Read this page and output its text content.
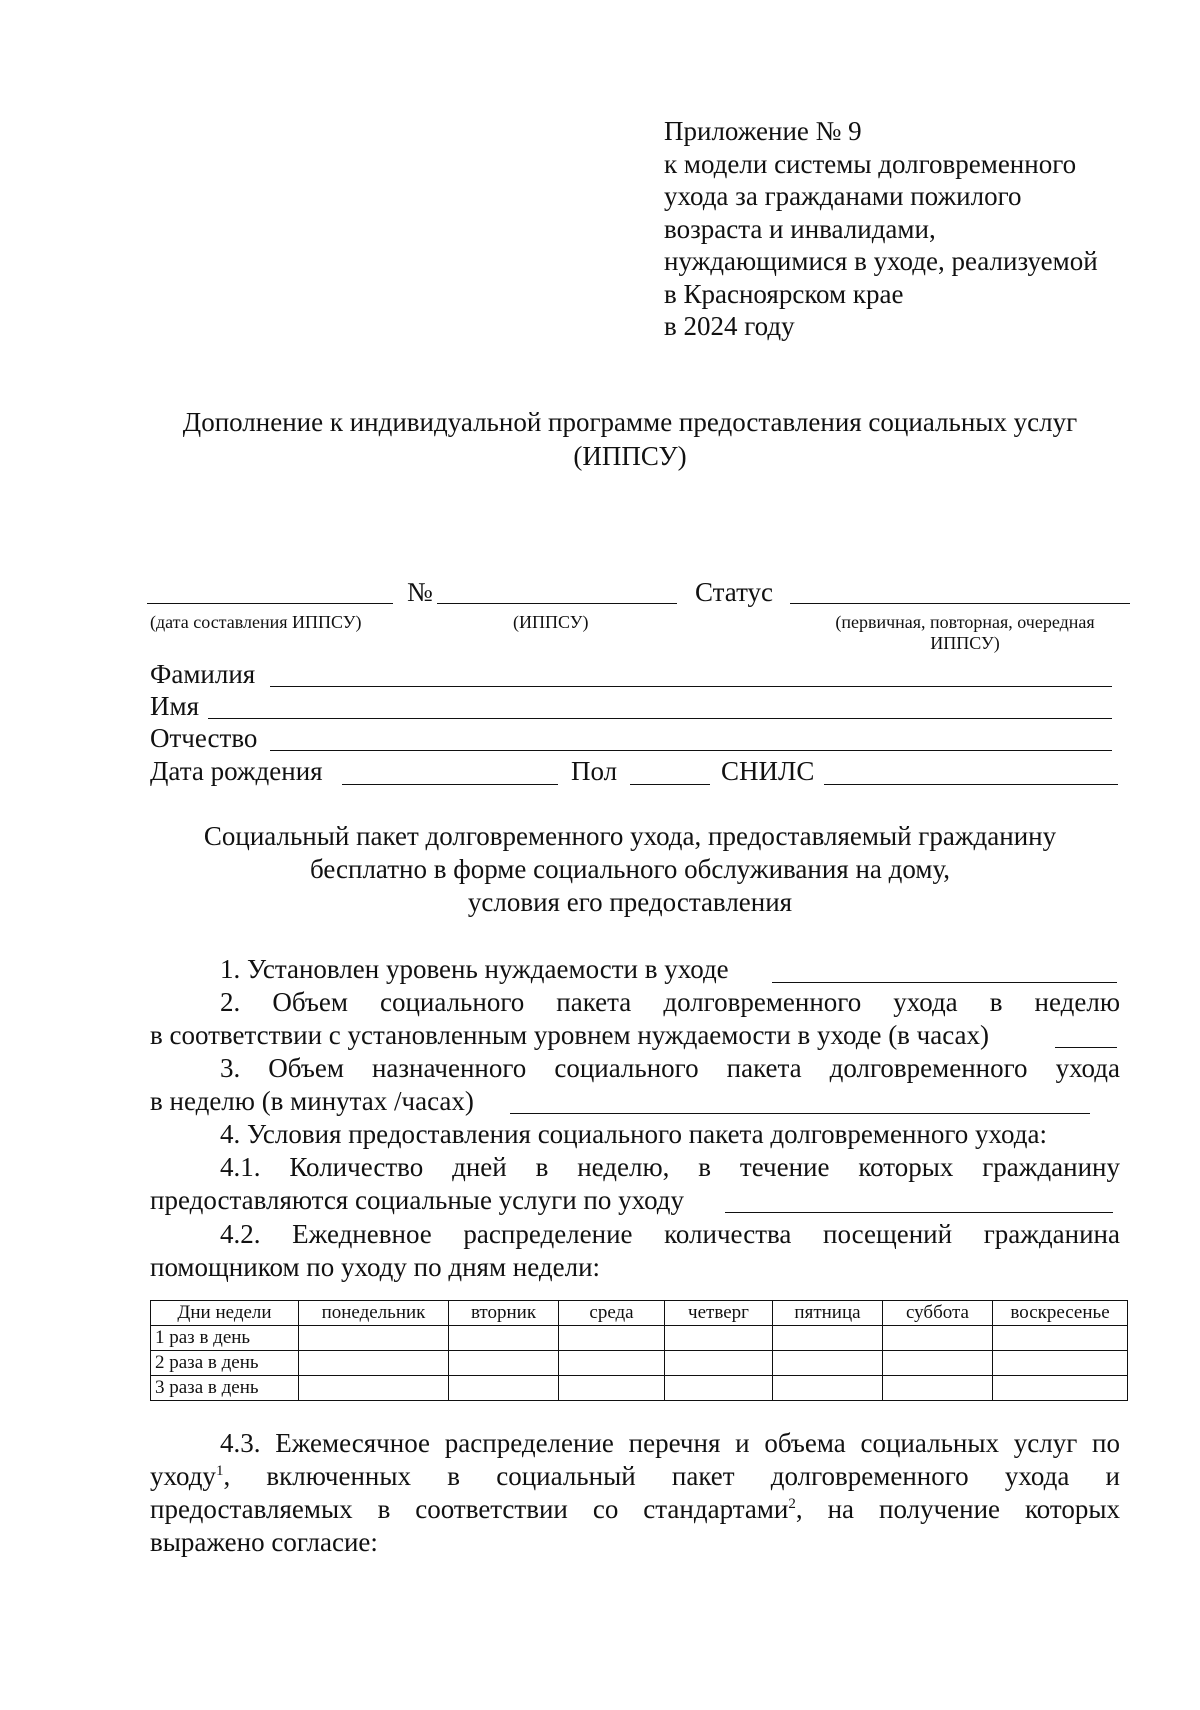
Приложение № 9
к модели системы долговременного
ухода за гражданами пожилого
возраста и инвалидами,
нуждающимися в уходе, реализуемой
в Красноярском крае
в 2024 году
Дополнение к индивидуальной программе предоставления социальных услуг
(ИППСУ)
№	Статус
(дата составления ИППСУ)	(ИППСУ)	(первичная, повторная, очередная
ИППСУ)
Фамилия
Имя
Отчество
Дата рождения	Пол	СНИЛС
Социальный пакет долговременного ухода, предоставляемый гражданину
бесплатно в форме социального обслуживания на дому,
условия его предоставления
1. Установлен уровень нуждаемости в уходе
2. Объем социального пакета долговременного ухода в неделю
в соответствии с установленным уровнем нуждаемости в уходе (в часах)
3. Объем назначенного социального пакета долговременного ухода
в неделю (в минутах /часах)
4. Условия предоставления социального пакета долговременного ухода:
4.1. Количество дней в неделю, в течение которых гражданину
предоставляются социальные услуги по уходу
4.2. Ежедневное распределение количества посещений гражданина
помощником по уходу по дням недели:
Дни недели	понедельник	вторник	среда	четверг	пятница	суббота	воскресенье
1 раз в день							
2 раза в день							
3 раза в день							
4.3. Ежемесячное распределение перечня и объема социальных услуг по
уходу$^1$, включенных в социальный пакет долговременного ухода и
предоставляемых в соответствии со стандартами$^2$, на получение которых
выражено согласие:
